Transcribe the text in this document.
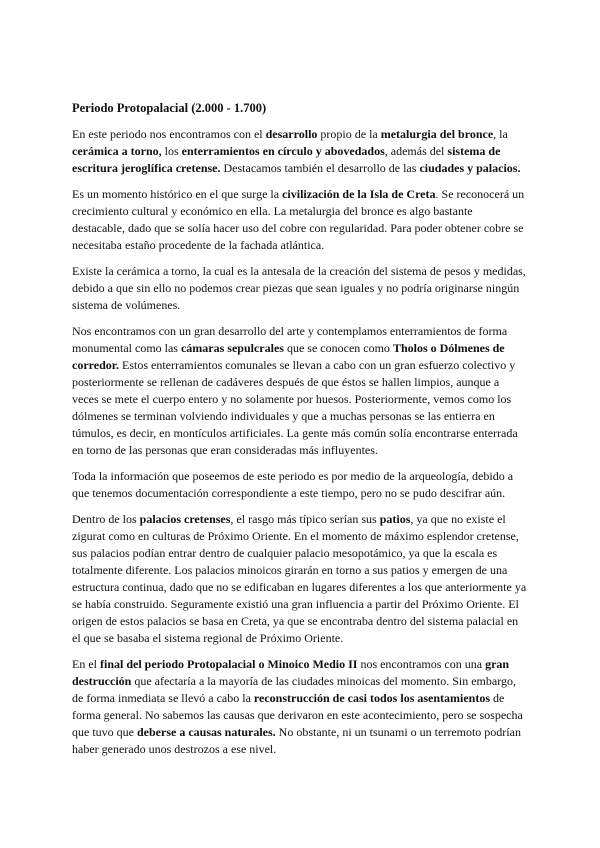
Periodo Protopalacial (2.000 - 1.700)

En este periodo nos encontramos con el desarrollo propio de la metalurgia del bronce, la cerámica a torno, los enterramientos en círculo y abovedados, además del sistema de escritura jeroglífica cretense. Destacamos también el desarrollo de las ciudades y palacios.

Es un momento histórico en el que surge la civilización de la Isla de Creta. Se reconocerá un crecimiento cultural y económico en ella. La metalurgia del bronce es algo bastante destacable, dado que se solía hacer uso del cobre con regularidad. Para poder obtener cobre se necesitaba estaño procedente de la fachada atlántica.

Existe la cerámica a torno, la cual es la antesala de la creación del sistema de pesos y medidas, debido a que sin ello no podemos crear piezas que sean iguales y no podría originarse ningún sistema de volúmenes.

Nos encontramos con un gran desarrollo del arte y contemplamos enterramientos de forma monumental como las cámaras sepulcrales que se conocen como Tholos o Dólmenes de corredor. Estos enterramientos comunales se llevan a cabo con un gran esfuerzo colectivo y posteriormente se rellenan de cadáveres después de que éstos se hallen limpios, aunque a veces se mete el cuerpo entero y no solamente por huesos. Posteriormente, vemos como los dólmenes se terminan volviendo individuales y que a muchas personas se las entierra en túmulos, es decir, en montículos artificiales. La gente más común solía encontrarse enterrada en torno de las personas que eran consideradas más influyentes.

Toda la información que poseemos de este periodo es por medio de la arqueología, debido a que tenemos documentación correspondiente a este tiempo, pero no se pudo descifrar aún.

Dentro de los palacios cretenses, el rasgo más típico serían sus patios, ya que no existe el zigurat como en culturas de Próximo Oriente. En el momento de máximo esplendor cretense, sus palacios podían entrar dentro de cualquier palacio mesopotámico, ya que la escala es totalmente diferente. Los palacios minoicos girarán en torno a sus patios y emergen de una estructura continua, dado que no se edificaban en lugares diferentes a los que anteriormente ya se había construido. Seguramente existió una gran influencia a partir del Próximo Oriente. El origen de estos palacios se basa en Creta, ya que se encontraba dentro del sistema palacial en el que se basaba el sistema regional de Próximo Oriente.

En el final del periodo Protopalacial o Minoico Medio II nos encontramos con una gran destrucción que afectaría a la mayoría de las ciudades minoicas del momento. Sin embargo, de forma inmediata se llevó a cabo la reconstrucción de casi todos los asentamientos de forma general. No sabemos las causas que derivaron en este acontecimiento, pero se sospecha que tuvo que deberse a causas naturales. No obstante, ni un tsunami o un terremoto podrían haber generado unos destrozos a ese nivel.
